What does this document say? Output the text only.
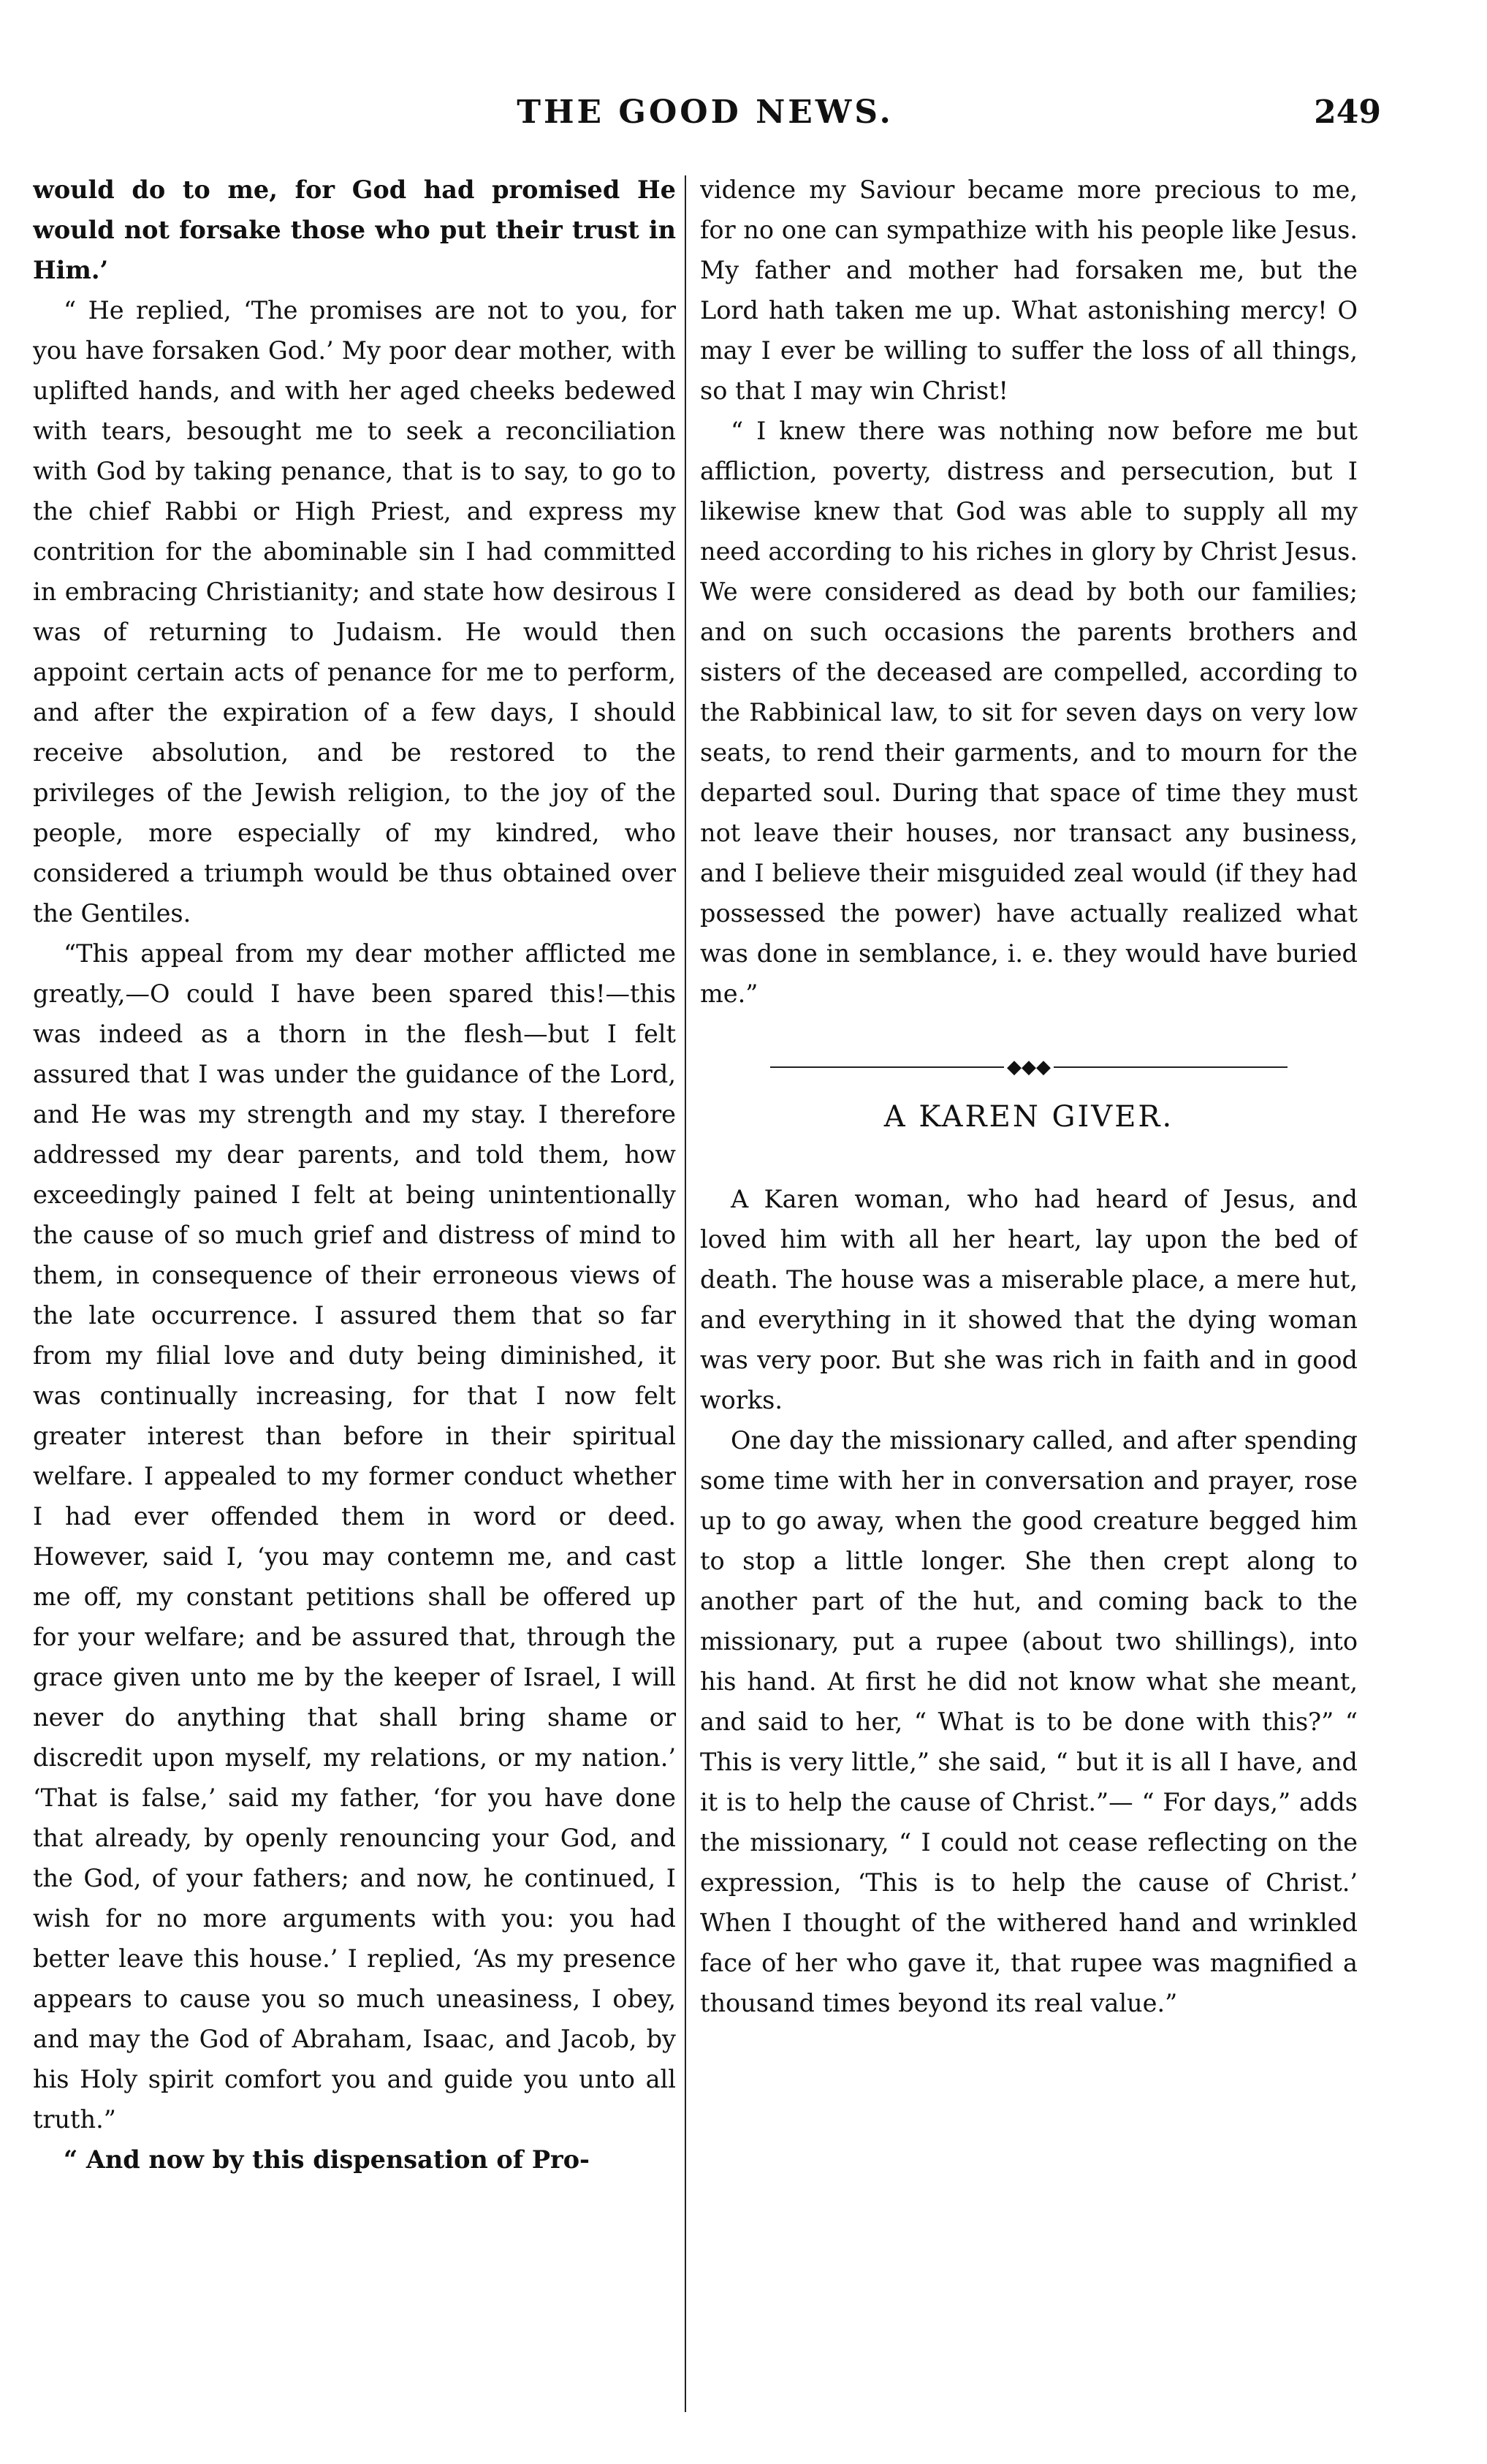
THE GOOD NEWS.	249

would do to me, for God had promised He would not forsake those who put their trust in Him.’

“ He replied, ‘The promises are not to you, for you have forsaken God.’ My poor dear mother, with uplifted hands, and with her aged cheeks bedewed with tears, besought me to seek a reconciliation with God by taking penance, that is to say, to go to the chief Rabbi or High Priest, and express my contrition for the abominable sin I had committed in embracing Christianity; and state how desirous I was of returning to Judaism. He would then appoint certain acts of penance for me to perform, and after the expiration of a few days, I should receive absolution, and be restored to the privileges of the Jewish religion, to the joy of the people, more especially of my kindred, who considered a triumph would be thus obtained over the Gentiles.

“This appeal from my dear mother afflicted me greatly,—O could I have been spared this!—this was indeed as a thorn in the flesh—but I felt assured that I was under the guidance of the Lord, and He was my strength and my stay. I therefore addressed my dear parents, and told them, how exceedingly pained I felt at being unintentionally the cause of so much grief and distress of mind to them, in consequence of their erroneous views of the late occurrence. I assured them that so far from my filial love and duty being diminished, it was continually increasing, for that I now felt greater interest than before in their spiritual welfare. I appealed to my former conduct whether I had ever offended them in word or deed. However, said I, ‘you may contemn me, and cast me off, my constant petitions shall be offered up for your welfare; and be assured that, through the grace given unto me by the keeper of Israel, I will never do anything that shall bring shame or discredit upon myself, my relations, or my nation.’ ‘That is false,’ said my father, ‘for you have done that already, by openly renouncing your God, and the God, of your fathers; and now, he continued, I wish for no more arguments with you: you had better leave this house.’ I replied, ‘As my presence appears to cause you so much uneasiness, I obey, and may the God of Abraham, Isaac, and Jacob, by his Holy spirit comfort you and guide you unto all truth.”

“ And now by this dispensation of Pro-

vidence my Saviour became more precious to me, for no one can sympathize with his people like Jesus. My father and mother had forsaken me, but the Lord hath taken me up. What astonishing mercy! O may I ever be willing to suffer the loss of all things, so that I may win Christ!

“ I knew there was nothing now before me but affliction, poverty, distress and persecution, but I likewise knew that God was able to supply all my need according to his riches in glory by Christ Jesus. We were considered as dead by both our families; and on such occasions the parents brothers and sisters of the deceased are compelled, according to the Rabbinical law, to sit for seven days on very low seats, to rend their garments, and to mourn for the departed soul. During that space of time they must not leave their houses, nor transact any business, and I believe their misguided zeal would (if they had possessed the power) have actually realized what was done in semblance, i. e. they would have buried me.”

◆◆◆
A KAREN GIVER.

A Karen woman, who had heard of Jesus, and loved him with all her heart, lay upon the bed of death. The house was a miserable place, a mere hut, and everything in it showed that the dying woman was very poor. But she was rich in faith and in good works.

One day the missionary called, and after spending some time with her in conversation and prayer, rose up to go away, when the good creature begged him to stop a little longer. She then crept along to another part of the hut, and coming back to the missionary, put a rupee (about two shillings), into his hand. At first he did not know what she meant, and said to her, “ What is to be done with this?” “ This is very little,” she said, “ but it is all I have, and it is to help the cause of Christ.”— “ For days,” adds the missionary, “ I could not cease reflecting on the expression, ‘This is to help the cause of Christ.’ When I thought of the withered hand and wrinkled face of her who gave it, that rupee was magnified a thousand times beyond its real value.”
